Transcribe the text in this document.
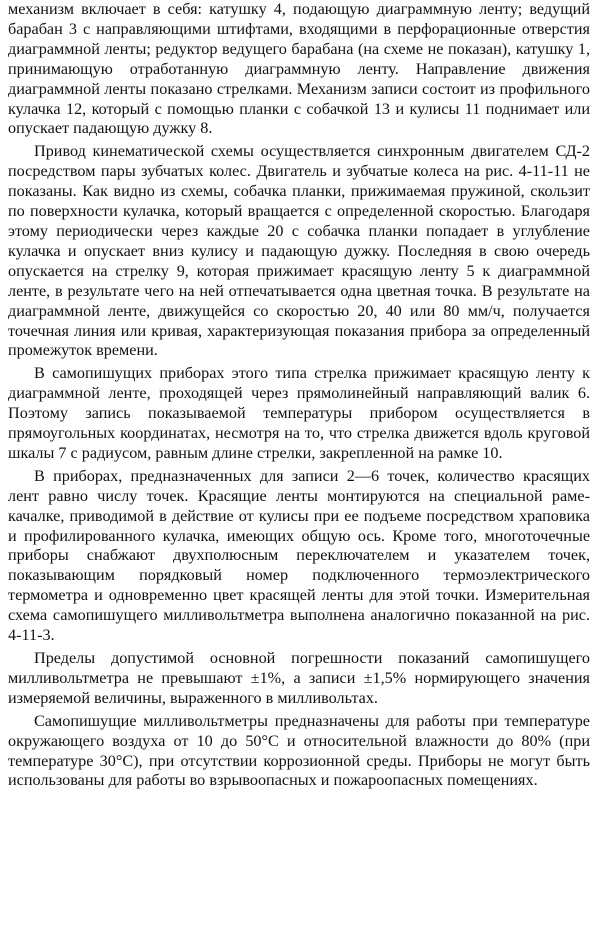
механизм включает в себя: катушку 4, подающую диаграммную ленту; ведущий барабан 3 с направляющими штифтами, входящими в перфорационные отверстия диаграммной ленты; редуктор ведущего барабана (на схеме не показан), катушку 1, принимающую отработанную диаграммную ленту. Направление движения диаграммной ленты показано стрелками. Механизм записи состоит из профильного кулачка 12, который с помощью планки с собачкой 13 и кулисы 11 поднимает или опускает падающую дужку 8.

Привод кинематической схемы осуществляется синхронным двигателем СД-2 посредством пары зубчатых колес. Двигатель и зубчатые колеса на рис. 4-11-11 не показаны. Как видно из схемы, собачка планки, прижимаемая пружиной, скользит по поверхности кулачка, который вращается с определенной скоростью. Благодаря этому периодически через каждые 20 с собачка планки попадает в углубление кулачка и опускает вниз кулису и падающую дужку. Последняя в свою очередь опускается на стрелку 9, которая прижимает красящую ленту 5 к диаграммной ленте, в результате чего на ней отпечатывается одна цветная точка. В результате на диаграммной ленте, движущейся со скоростью 20, 40 или 80 мм/ч, получается точечная линия или кривая, характеризующая показания прибора за определенный промежуток времени.

В самопишущих приборах этого типа стрелка прижимает красящую ленту к диаграммной ленте, проходящей через прямолинейный направляющий валик 6. Поэтому запись показываемой температуры прибором осуществляется в прямоугольных координатах, несмотря на то, что стрелка движется вдоль круговой шкалы 7 с радиусом, равным длине стрелки, закрепленной на рамке 10.

В приборах, предназначенных для записи 2—6 точек, количество красящих лент равно числу точек. Красящие ленты монтируются на специальной раме-качалке, приводимой в действие от кулисы при ее подъеме посредством храповика и профилированного кулачка, имеющих общую ось. Кроме того, многоточечные приборы снабжают двухполюсным переключателем и указателем точек, показывающим порядковый номер подключенного термоэлектрического термометра и одновременно цвет красящей ленты для этой точки. Измерительная схема самопишущего милливольтметра выполнена аналогично показанной на рис. 4-11-3.

Пределы допустимой основной погрешности показаний самопишущего милливольтметра не превышают ±1%, а записи ±1,5% нормирующего значения измеряемой величины, выраженного в милливольтах.

Самопишущие милливольтметры предназначены для работы при температуре окружающего воздуха от 10 до 50°С и относительной влажности до 80% (при температуре 30°С), при отсутствии коррозионной среды. Приборы не могут быть использованы для работы во взрывоопасных и пожароопасных помещениях.
